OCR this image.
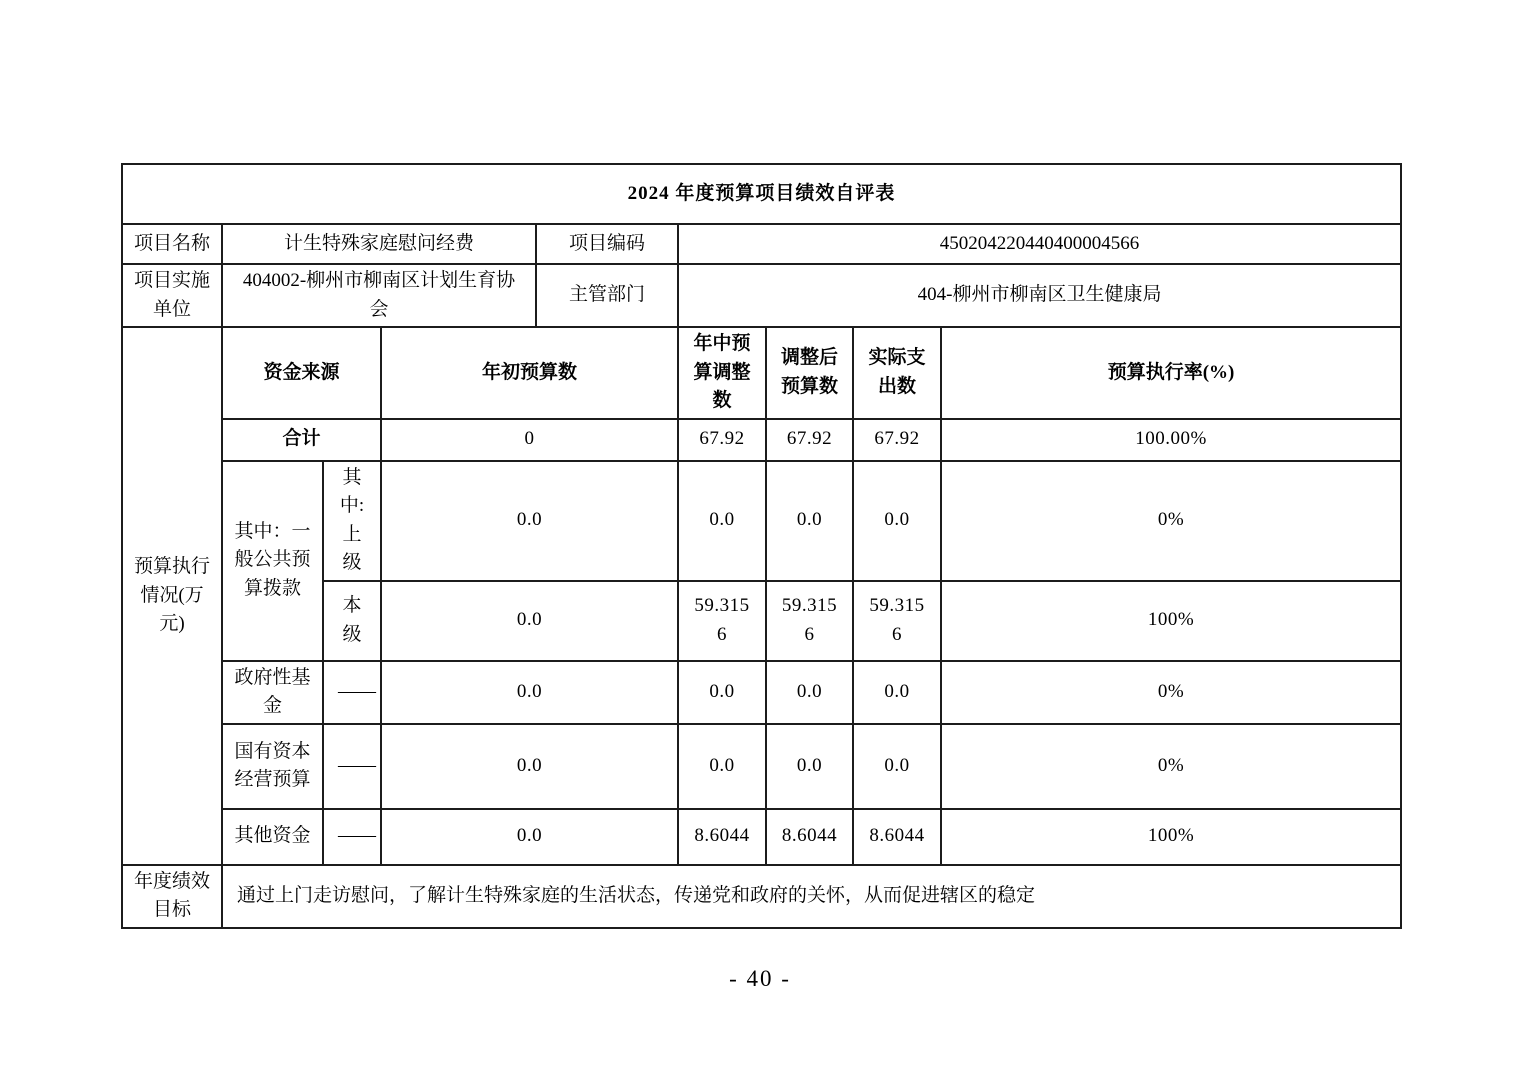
2024 年度预算项目绩效自评表								
项目名称	计生特殊家庭慰问经费			项目编码	450204220440400004566			
项目实施单位	404002-柳州市柳南区计划生育协会			主管部门	404-柳州市柳南区卫生健康局			
预算执行情况(万元)	资金来源		年初预算数		年中预算调整数	调整后预算数	实际支出数	预算执行率(%)
	合计		0		67.92	67.92	67.92	100.00%
	其中：一般公共预算拨款	其中:上级	0.0		0.0	0.0	0.0	0%
		本级	0.0		59.3156	59.3156	59.3156	100%
	政府性基金	——	0.0		0.0	0.0	0.0	0%
	国有资本经营预算	——	0.0		0.0	0.0	0.0	0%
	其他资金	——	0.0		8.6044	8.6044	8.6044	100%
年度绩效目标	通过上门走访慰问，了解计生特殊家庭的生活状态，传递党和政府的关怀，从而促进辖区的稳定							
- 40 -
